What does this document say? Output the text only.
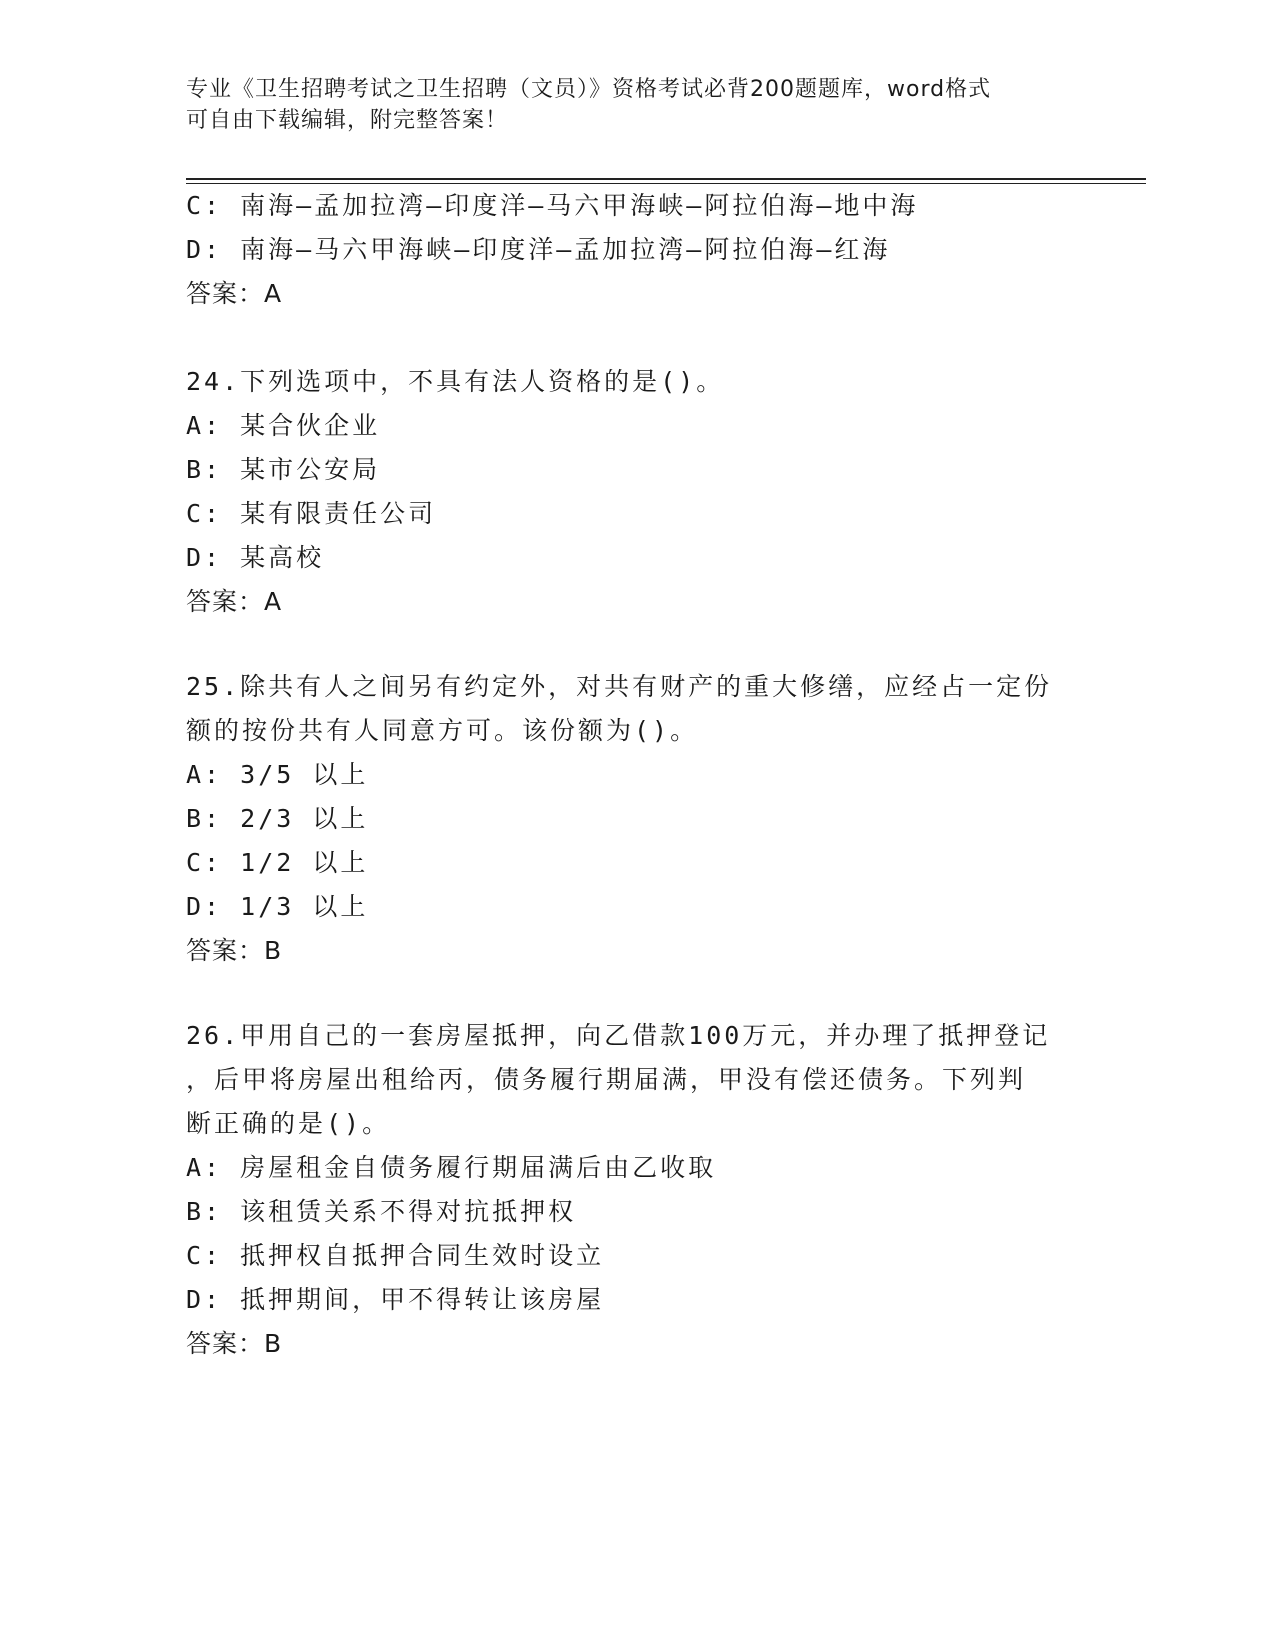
专业《卫生招聘考试之卫生招聘（文员）》资格考试必背200题题库，word格式
可自由下载编辑，附完整答案！
C: 南海—孟加拉湾—印度洋—马六甲海峡—阿拉伯海—地中海
D: 南海—马六甲海峡—印度洋—孟加拉湾—阿拉伯海—红海
答案：A
24.下列选项中，不具有法人资格的是()。
A: 某合伙企业
B: 某市公安局
C: 某有限责任公司
D: 某高校
答案：A
25.除共有人之间另有约定外，对共有财产的重大修缮，应经占一定份
额的按份共有人同意方可。该份额为()。
A: 3/5 以上
B: 2/3 以上
C: 1/2 以上
D: 1/3 以上
答案：B
26.甲用自己的一套房屋抵押，向乙借款100万元，并办理了抵押登记
，后甲将房屋出租给丙，债务履行期届满，甲没有偿还债务。下列判
断正确的是()。
A: 房屋租金自债务履行期届满后由乙收取
B: 该租赁关系不得对抗抵押权
C: 抵押权自抵押合同生效时设立
D: 抵押期间，甲不得转让该房屋
答案：B
